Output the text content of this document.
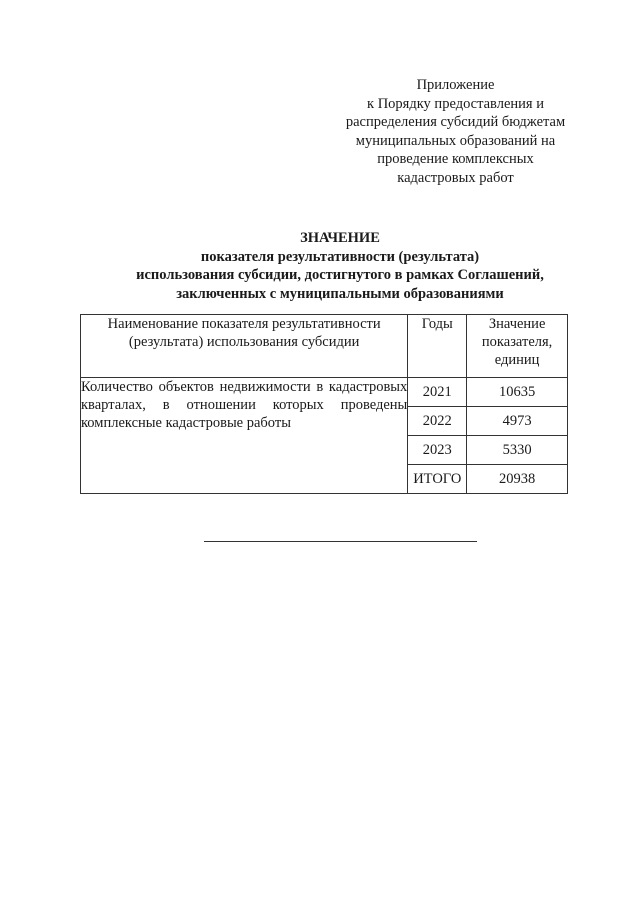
Приложение
к Порядку предоставления и
распределения субсидий бюджетам
муниципальных образований на
проведение комплексных
кадастровых работ
ЗНАЧЕНИЕ
показателя результативности (результата)
использования субсидии, достигнутого в рамках Соглашений,
заключенных с муниципальными образованиями
Наименование показателя результативности (результата) использования субсидии	Годы	Значение показателя, единиц
Количество объектов недвижимости в кадастровых кварталах, в отношении которых проведены комплексные кадастровые работы	2021	10635
	2022	4973
	2023	5330
	ИТОГО	20938
